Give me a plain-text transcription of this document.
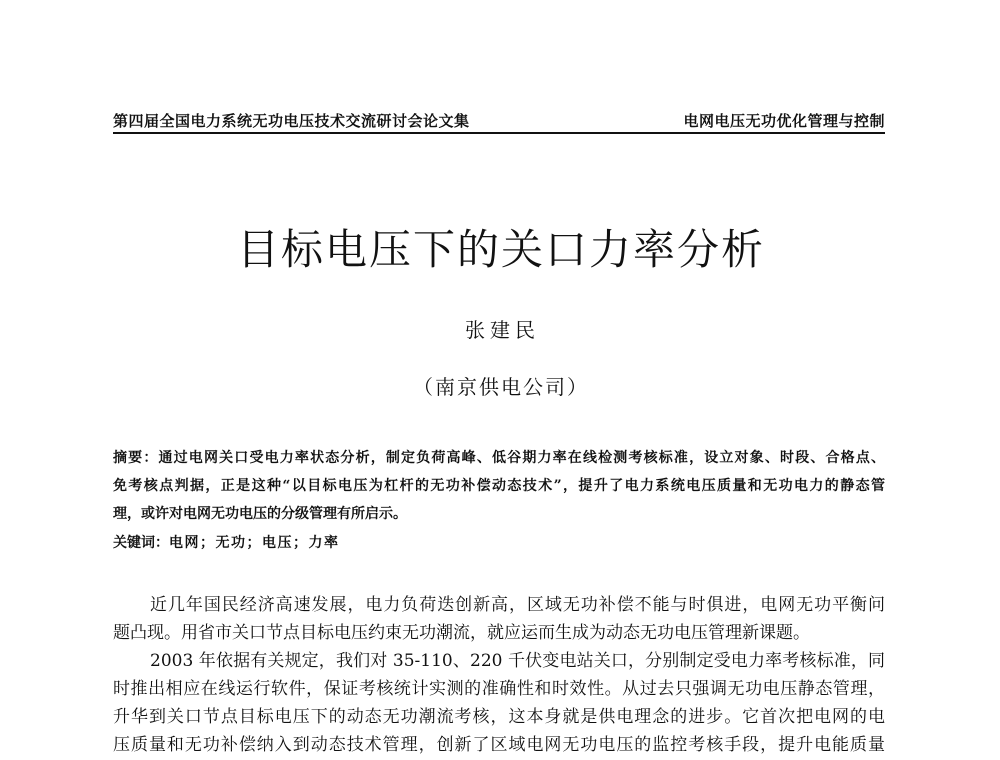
第四届全国电力系统无功电压技术交流研讨会论文集	电网电压无功优化管理与控制
目标电压下的关口力率分析
张建民
（南京供电公司）
摘要：通过电网关口受电力率状态分析，制定负荷高峰、低谷期力率在线检测考核标准，设立对象、时段、合格点、
免考核点判据，正是这种“以目标电压为杠杆的无功补偿动态技术”，提升了电力系统电压质量和无功电力的静态管
理，或许对电网无功电压的分级管理有所启示。
关键词：电网；无功；电压；力率
近几年国民经济高速发展，电力负荷迭创新高，区域无功补偿不能与时俱进，电网无功平衡问
题凸现。用省市关口节点目标电压约束无功潮流，就应运而生成为动态无功电压管理新课题。
2003 年依据有关规定，我们对 35-110、220 千伏变电站关口，分别制定受电力率考核标准，同
时推出相应在线运行软件，保证考核统计实测的准确性和时效性。从过去只强调无功电压静态管理，
升华到关口节点目标电压下的动态无功潮流考核，这本身就是供电理念的进步。它首次把电网的电
压质量和无功补偿纳入到动态技术管理，创新了区域电网无功电压的监控考核手段，提升电能质量
